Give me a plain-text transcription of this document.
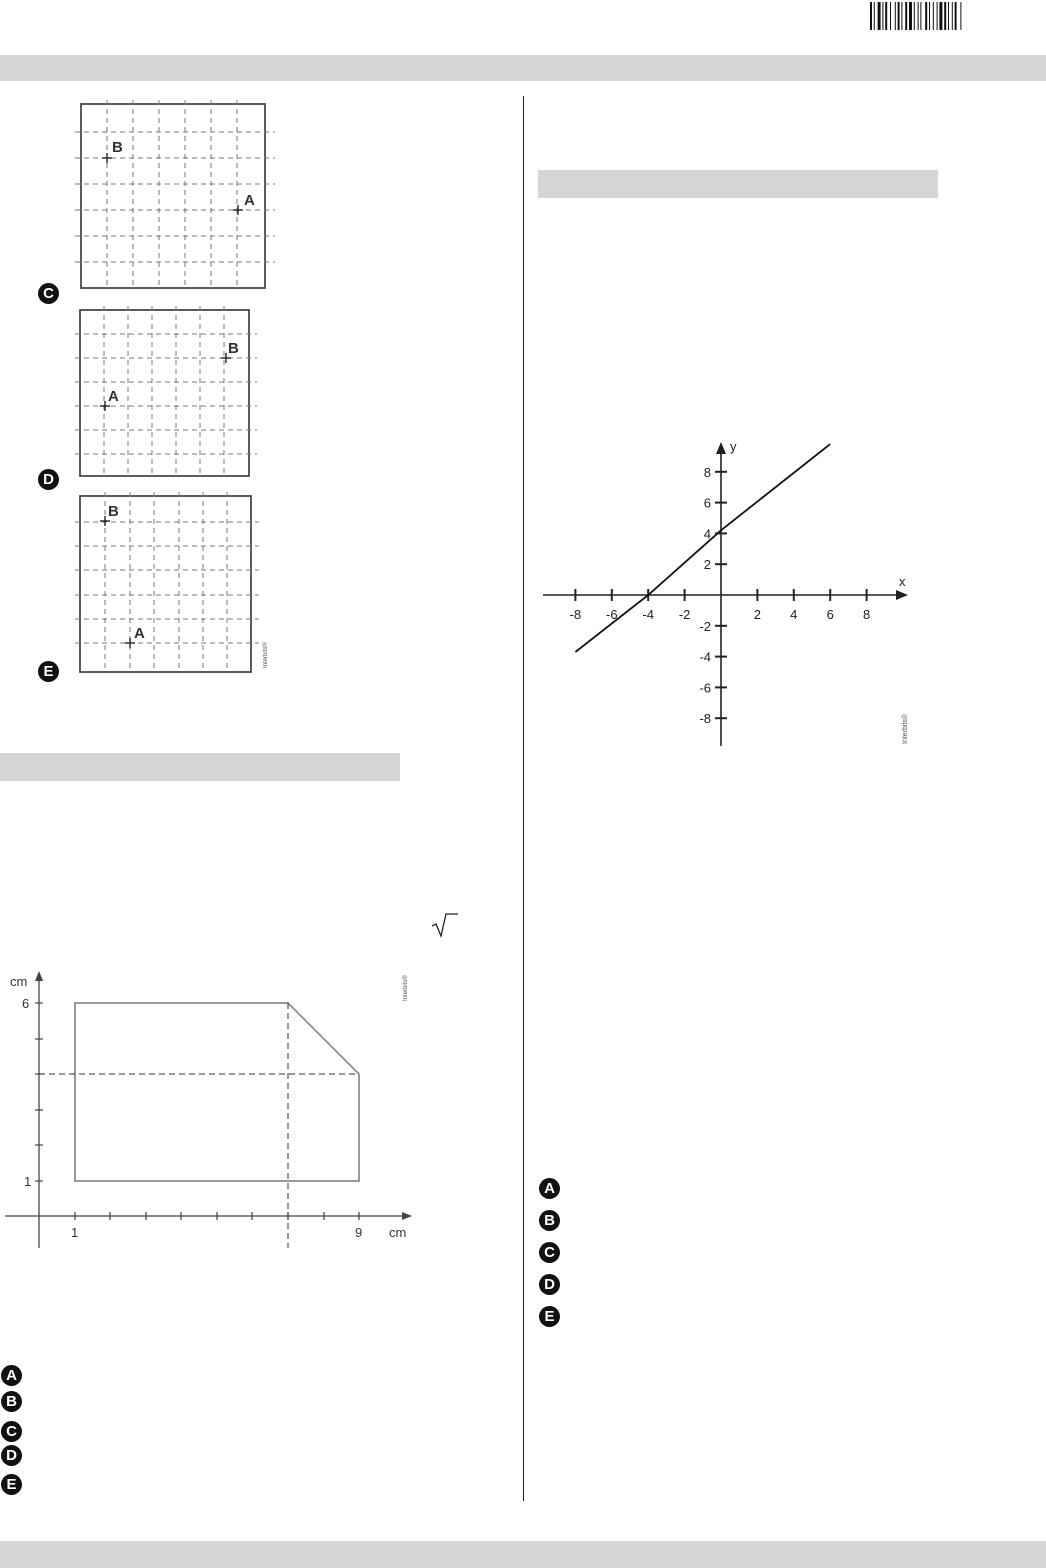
B
A
C
B
A
D
B
A
Interbits®
E
cm
6
1
1	9 cm
Interbits®
A
B
C
D
E
x
y
-8 -6 -4 -2	2 4 6 8
8
6
4
2
-2
-4
-6
-8	Interbits®
A
B
C
D
E
